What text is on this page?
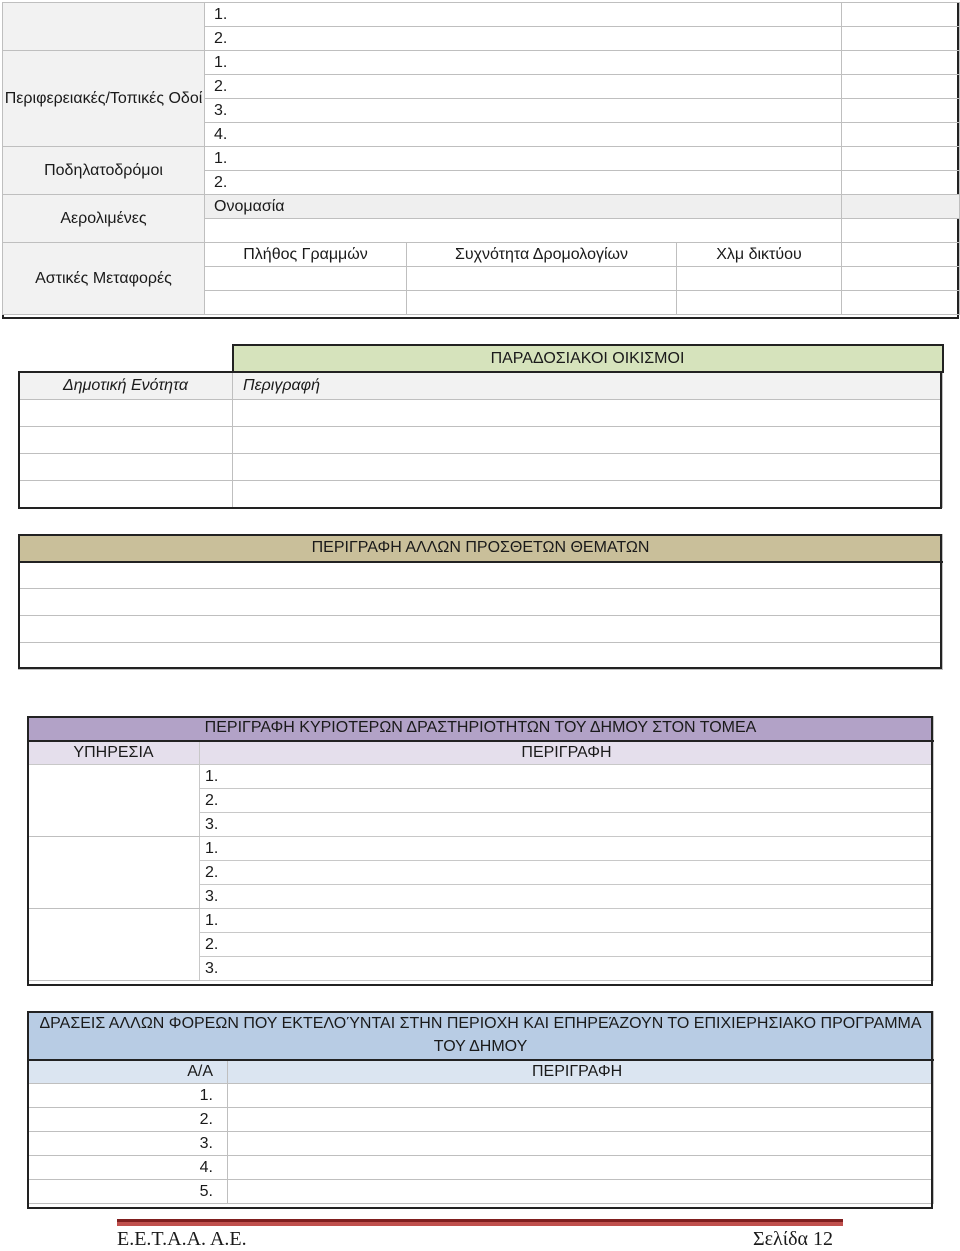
	1.			
	2.			
Περιφερειακές/Τοπικές Οδοί	1.			
	2.			
	3.			
	4.			
Ποδηλατοδρόμοι	1.			
	2.			
Αερολιμένες	Ονομασία			

Αστικές Μεταφορές	Πλήθος Γραμμών	Συχνότητα Δρομολογίων	Χλμ δικτύου	

	ΠΑΡΑΔΟΣΙΑΚΟΙ ΟΙΚΙΣΜΟΙ
Δημοτική Ενότητα	Περιγραφή

ΠΕΡΙΓΡΑΦΗ ΑΛΛΩΝ ΠΡΟΣΘΕΤΩΝ ΘΕΜΑΤΩΝ

ΠΕΡΙΓΡΑΦΗ ΚΥΡΙΟΤΕΡΩΝ ΔΡΑΣΤΗΡΙΟΤΗΤΩΝ ΤΟΥ ΔΗΜΟΥ ΣΤΟΝ ΤΟΜΕΑ	
ΥΠΗΡΕΣΙΑ	ΠΕΡΙΓΡΑΦΗ
	1.
	2.
	3.
	1.
	2.
	3.
	1.
	2.
	3.
ΔΡΑΣΕΙΣ ΑΛΛΩΝ ΦΟΡΕΩΝ ΠΟΥ ΕΚΤΕΛΟΎΝΤΑΙ ΣΤΗΝ ΠΕΡΙΟΧΗ ΚΑΙ ΕΠΗΡΕΆΖΟΥΝ ΤΟ ΕΠΙΧΙΕΡΗΣΙΑΚΟ ΠΡΟΓΡΑΜΜΑ ΤΟΥ ΔΗΜΟΥ	
Α/Α	ΠΕΡΙΓΡΑΦΗ
1.	
2.	
3.	
4.	
5.	
Ε.Ε.Τ.Α.Α. Α.Ε.	Σελίδα 12
